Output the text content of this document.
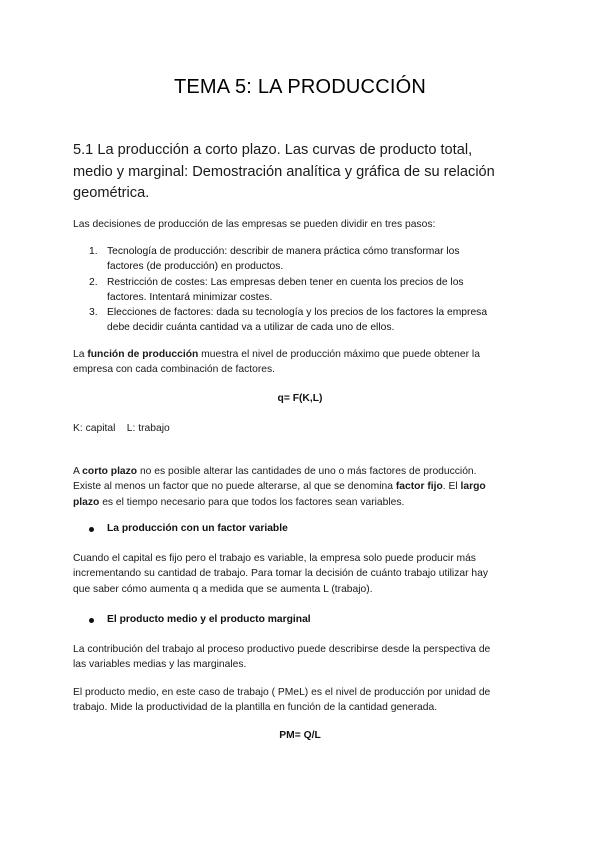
TEMA 5: LA PRODUCCIÓN
5.1 La producción a corto plazo. Las curvas de producto total,
medio y marginal: Demostración analítica y gráfica de su relación
geométrica.
Las decisiones de producción de las empresas se pueden dividir en tres pasos:
1. Tecnología de producción: describir de manera práctica cómo transformar los
factores (de producción) en productos.
2. Restricción de costes: Las empresas deben tener en cuenta los precios de los
factores. Intentará minimizar costes.
3. Elecciones de factores: dada su tecnología y los precios de los factores la empresa
debe decidir cuánta cantidad va a utilizar de cada uno de ellos.
La función de producción muestra el nivel de producción máximo que puede obtener la
empresa con cada combinación de factores.
q= F(K,L)
K: capital    L: trabajo
A corto plazo no es posible alterar las cantidades de uno o más factores de producción.
Existe al menos un factor que no puede alterarse, al que se denomina factor fijo. El largo
plazo es el tiempo necesario para que todos los factores sean variables.
La producción con un factor variable
Cuando el capital es fijo pero el trabajo es variable, la empresa solo puede producir más
incrementando su cantidad de trabajo. Para tomar la decisión de cuánto trabajo utilizar hay
que saber cómo aumenta q a medida que se aumenta L (trabajo).
El producto medio y el producto marginal
La contribución del trabajo al proceso productivo puede describirse desde la perspectiva de
las variables medias y las marginales.
El producto medio, en este caso de trabajo ( PMeL) es el nivel de producción por unidad de
trabajo. Mide la productividad de la plantilla en función de la cantidad generada.
PM= Q/L
